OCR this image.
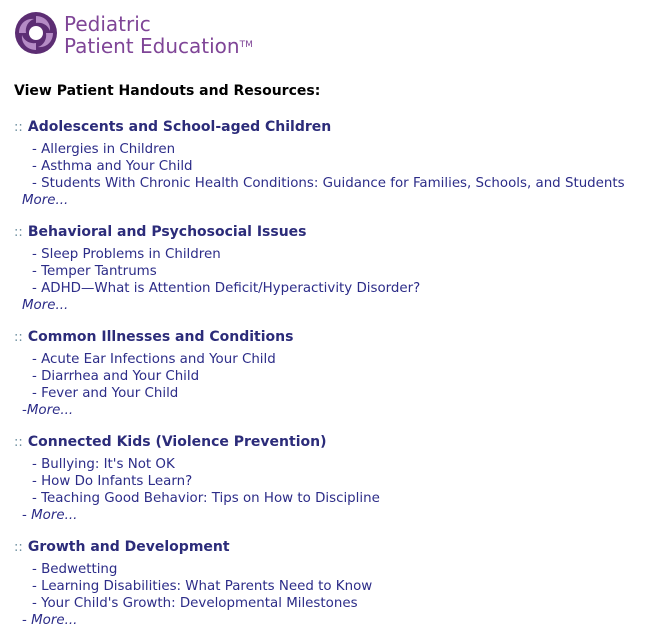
Pediatric
Patient Education™
View Patient Handouts and Resources:
:: Adolescents and School-aged Children
- Allergies in Children
- Asthma and Your Child
- Students With Chronic Health Conditions: Guidance for Families, Schools, and Students
More...
:: Behavioral and Psychosocial Issues
- Sleep Problems in Children
- Temper Tantrums
- ADHD—What is Attention Deficit/Hyperactivity Disorder?
More...
:: Common Illnesses and Conditions
- Acute Ear Infections and Your Child
- Diarrhea and Your Child
- Fever and Your Child
-More...
:: Connected Kids (Violence Prevention)
- Bullying: It's Not OK
- How Do Infants Learn?
- Teaching Good Behavior: Tips on How to Discipline
- More...
:: Growth and Development
- Bedwetting
- Learning Disabilities: What Parents Need to Know
- Your Child's Growth: Developmental Milestones
- More...
